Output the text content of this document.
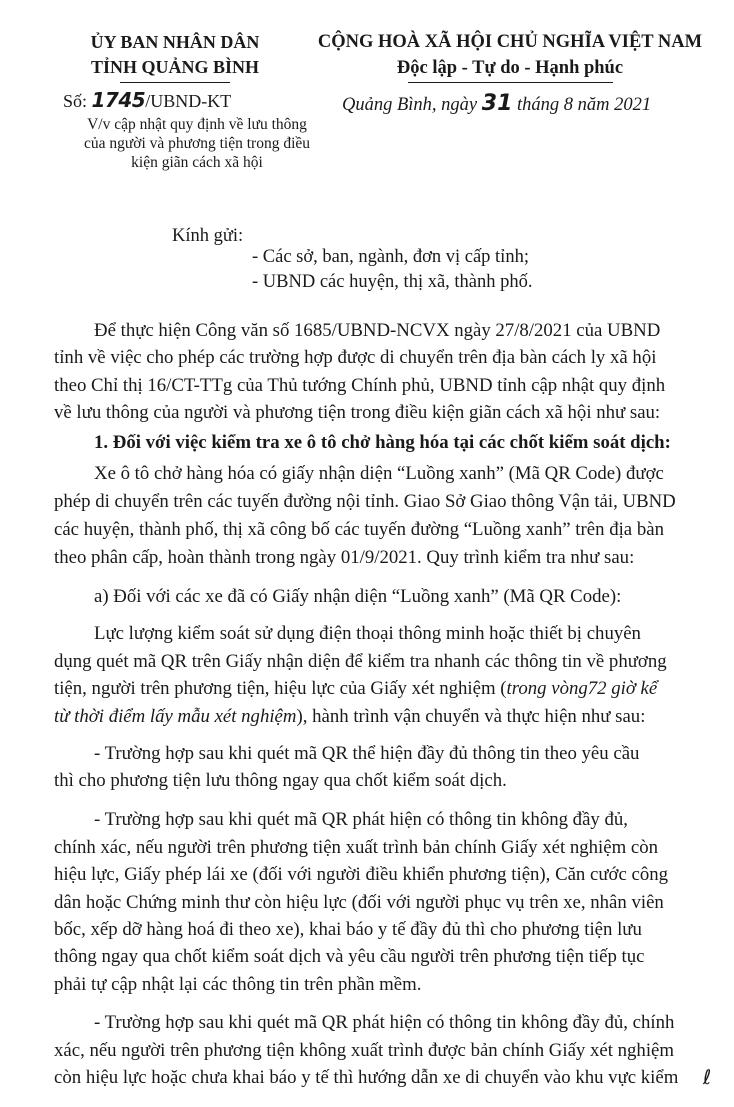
ỦY BAN NHÂN DÂN
TỈNH QUẢNG BÌNH
Số: 1745/UBND-KT
V/v cập nhật quy định về lưu thông
của người và phương tiện trong điều
kiện giãn cách xã hội
CỘNG HOÀ XÃ HỘI CHỦ NGHĨA VIỆT NAM
Độc lập - Tự do - Hạnh phúc
Quảng Bình, ngày 31 tháng 8 năm 2021
Kính gửi:
- Các sở, ban, ngành, đơn vị cấp tỉnh;
- UBND các huyện, thị xã, thành phố.
Để thực hiện Công văn số 1685/UBND-NCVX ngày 27/8/2021 của UBND
tỉnh về việc cho phép các trường hợp được di chuyển trên địa bàn cách ly xã hội
theo Chỉ thị 16/CT-TTg của Thủ tướng Chính phủ, UBND tỉnh cập nhật quy định
về lưu thông của người và phương tiện trong điều kiện giãn cách xã hội như sau:
1. Đối với việc kiểm tra xe ô tô chở hàng hóa tại các chốt kiểm soát dịch:
Xe ô tô chở hàng hóa có giấy nhận diện “Luồng xanh” (Mã QR Code) được
phép di chuyển trên các tuyến đường nội tỉnh. Giao Sở Giao thông Vận tải, UBND
các huyện, thành phố, thị xã công bố các tuyến đường “Luồng xanh” trên địa bàn
theo phân cấp, hoàn thành trong ngày 01/9/2021. Quy trình kiểm tra như sau:
a) Đối với các xe đã có Giấy nhận diện “Luồng xanh” (Mã QR Code):
Lực lượng kiểm soát sử dụng điện thoại thông minh hoặc thiết bị chuyên
dụng quét mã QR trên Giấy nhận diện để kiểm tra nhanh các thông tin về phương
tiện, người trên phương tiện, hiệu lực của Giấy xét nghiệm (trong vòng72 giờ kể
từ thời điểm lấy mẫu xét nghiệm), hành trình vận chuyển và thực hiện như sau:
- Trường hợp sau khi quét mã QR thể hiện đầy đủ thông tin theo yêu cầu
thì cho phương tiện lưu thông ngay qua chốt kiểm soát dịch.
- Trường hợp sau khi quét mã QR phát hiện có thông tin không đầy đủ,
chính xác, nếu người trên phương tiện xuất trình bản chính Giấy xét nghiệm còn
hiệu lực, Giấy phép lái xe (đối với người điều khiển phương tiện), Căn cước công
dân hoặc Chứng minh thư còn hiệu lực (đối với người phục vụ trên xe, nhân viên
bốc, xếp dỡ hàng hoá đi theo xe), khai báo y tế đầy đủ thì cho phương tiện lưu
thông ngay qua chốt kiểm soát dịch và yêu cầu người trên phương tiện tiếp tục
phải tự cập nhật lại các thông tin trên phần mềm.
- Trường hợp sau khi quét mã QR phát hiện có thông tin không đầy đủ, chính
xác, nếu người trên phương tiện không xuất trình được bản chính Giấy xét nghiệm
còn hiệu lực hoặc chưa khai báo y tế thì hướng dẫn xe di chuyển vào khu vực kiểm ℓ
